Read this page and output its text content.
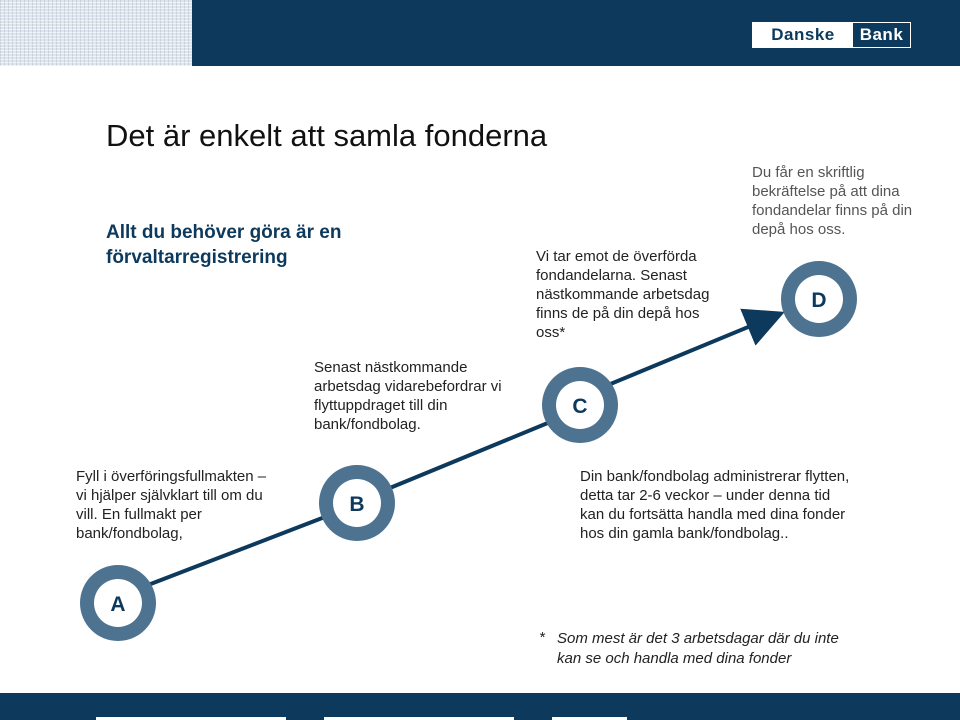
Danske	Bank
Det är enkelt att samla fonderna
Allt du behöver göra är en förvaltarregistrering
A
B
C
D
Fyll i överföringsfullmakten – vi hjälper självklart till om du vill. En fullmakt per bank/fondbolag,
Senast nästkommande arbetsdag vidarebefordrar vi flyttuppdraget till din bank/fondbolag.
Vi tar emot de överförda fondandelarna. Senast nästkommande arbetsdag finns de på din depå hos oss*
Du får en skriftlig bekräftelse på att dina fondandelar finns på din depå hos oss.
Din bank/fondbolag administrerar flytten, detta tar 2-6 veckor – under denna tid kan du fortsätta handla med dina fonder hos din gamla bank/fondbolag..
* Som mest är det 3 arbetsdagar där du inte kan se och handla med dina fonder
